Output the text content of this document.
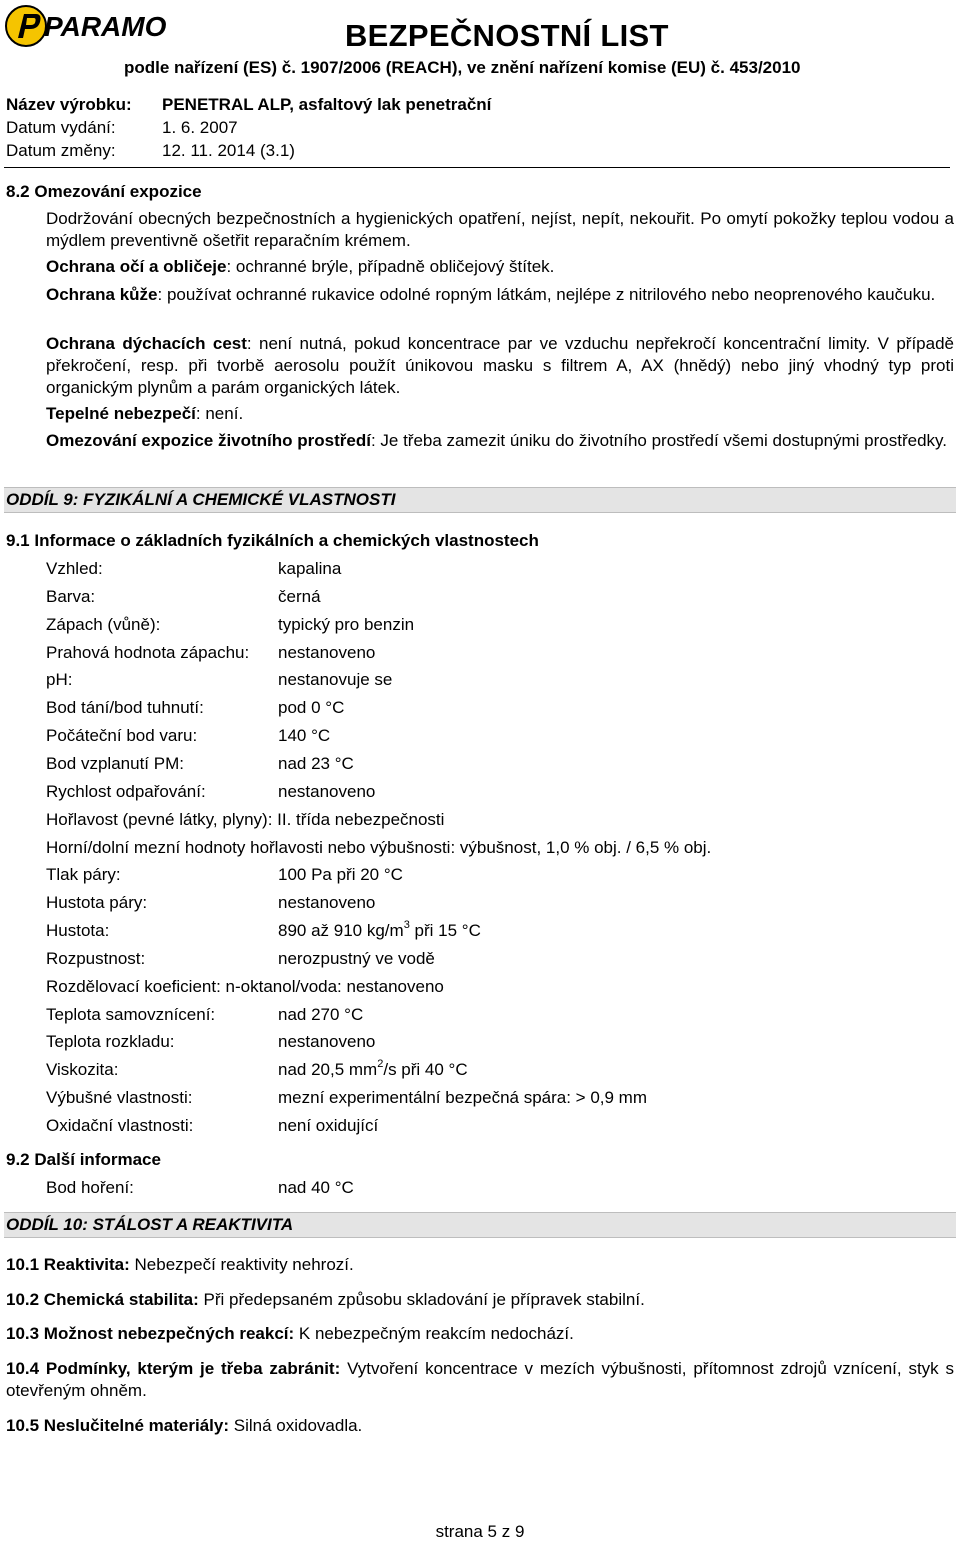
PARAMO	BEZPEČNOSTNÍ LIST
podle nařízení (ES) č. 1907/2006 (REACH), ve znění nařízení komise (EU) č. 453/2010
Název výrobku: PENETRAL ALP, asfaltový lak penetrační
Datum vydání:	1. 6. 2007
Datum změny:	12. 11. 2014 (3.1)
8.2 Omezování expozice
Dodržování obecných bezpečnostních a hygienických opatření, nejíst, nepít, nekouřit. Po omytí pokožky teplou vodou a mýdlem preventivně ošetřit reparačním krémem.
Ochrana očí a obličeje: ochranné brýle, případně obličejový štítek.
Ochrana kůže: používat ochranné rukavice odolné ropným látkám, nejlépe z nitrilového nebo neoprenového kaučuku.
Ochrana dýchacích cest: není nutná, pokud koncentrace par ve vzduchu nepřekročí koncentrační limity. V případě překročení, resp. při tvorbě aerosolu použít únikovou masku s filtrem A, AX (hnědý) nebo jiný vhodný typ proti organickým plynům a parám organických látek.
Tepelné nebezpečí: není.
Omezování expozice životního prostředí: Je třeba zamezit úniku do životního prostředí všemi dostupnými prostředky.
ODDÍL 9: FYZIKÁLNÍ A CHEMICKÉ VLASTNOSTI
9.1 Informace o základních fyzikálních a chemických vlastnostech
Vzhled:	kapalina
Barva:	černá
Zápach (vůně):	typický pro benzin
Prahová hodnota zápachu: nestanoveno
pH:	nestanovuje se
Bod tání/bod tuhnutí:	pod 0 °C
Počáteční bod varu:	140 °C
Bod vzplanutí PM:	nad 23 °C
Rychlost odpařování:	nestanoveno
Hořlavost (pevné látky, plyny): II. třída nebezpečnosti
Horní/dolní mezní hodnoty hořlavosti nebo výbušnosti: výbušnost, 1,0 % obj. / 6,5 % obj.
Tlak páry:	100 Pa při 20 °C
Hustota páry:	nestanoveno
Hustota:	890 až 910 $kg/m^3$ při 15 °C
Rozpustnost:	nerozpustný ve vodě
Rozdělovací koeficient: n-oktanol/voda: nestanoveno
Teplota samovznícení:	nad 270 °C
Teplota rozkladu:	nestanoveno
Viskozita:	nad 20,5 $mm^2/s$ při 40 °C
Výbušné vlastnosti:	mezní experimentální bezpečná spára: > 0,9 mm
Oxidační vlastnosti:	není oxidující
9.2 Další informace
Bod hoření:	nad 40 °C
ODDÍL 10: STÁLOST A REAKTIVITA
10.1 Reaktivita: Nebezpečí reaktivity nehrozí.
10.2 Chemická stabilita: Při předepsaném způsobu skladování je přípravek stabilní.
10.3 Možnost nebezpečných reakcí: K nebezpečným reakcím nedochází.
10.4 Podmínky, kterým je třeba zabránit: Vytvoření koncentrace v mezích výbušnosti, přítomnost zdrojů vznícení, styk s otevřeným ohněm.
10.5 Neslučitelné materiály: Silná oxidovadla.
strana 5 z 9
